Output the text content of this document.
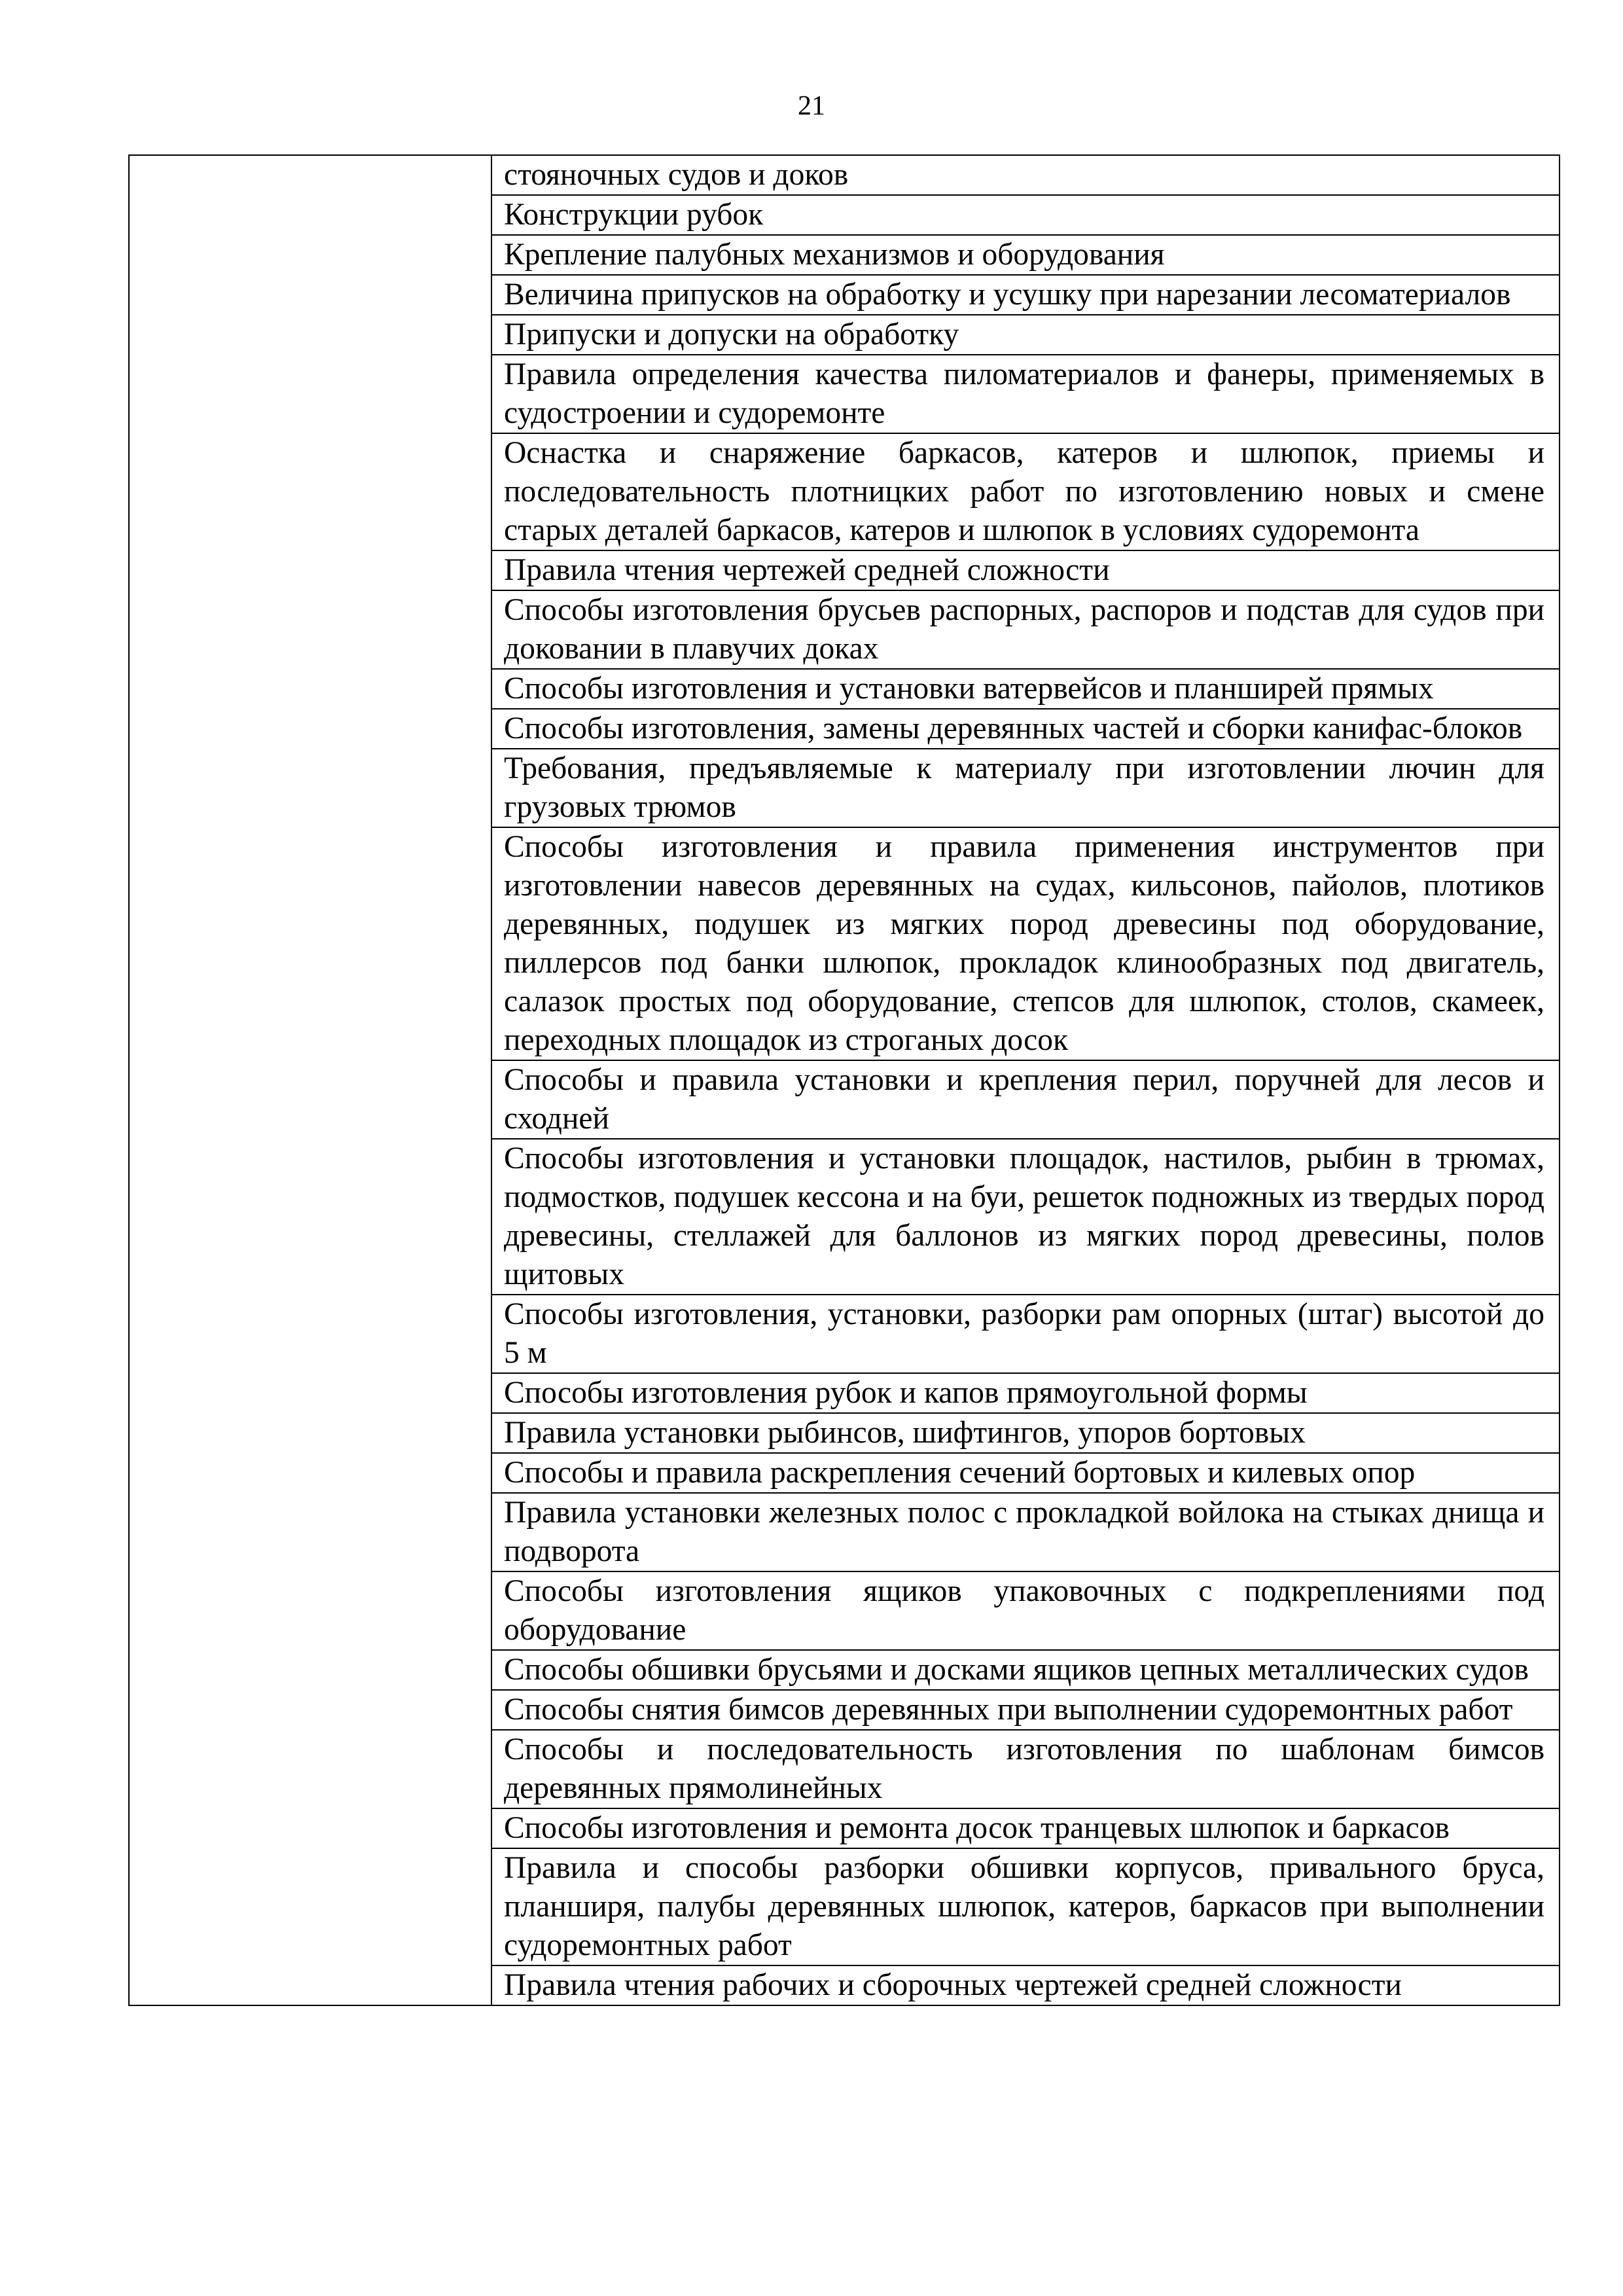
21

стояночных судов и доков

Конструкции рубок

Крепление палубных механизмов и оборудования

Величина припусков на обработку и усушку при нарезании лесоматериалов

Припуски и допуски на обработку

Правила определения качества пиломатериалов и фанеры, применяемых в судостроении и судоремонте

Оснастка и снаряжение баркасов, катеров и шлюпок, приемы и последовательность плотницких работ по изготовлению новых и смене старых деталей баркасов, катеров и шлюпок в условиях судоремонта

Правила чтения чертежей средней сложности

Способы изготовления брусьев распорных, распоров и подстав для судов при доковании в плавучих доках

Способы изготовления и установки ватервейсов и планширей прямых

Способы изготовления, замены деревянных частей и сборки канифас-блоков

Требования, предъявляемые к материалу при изготовлении лючин для грузовых трюмов

Способы изготовления и правила применения инструментов при изготовлении навесов деревянных на судах, кильсонов, пайолов, плотиков деревянных, подушек из мягких пород древесины под оборудование, пиллерсов под банки шлюпок, прокладок клинообразных под двигатель, салазок простых под оборудование, степсов для шлюпок, столов, скамеек, переходных площадок из строганых досок

Способы и правила установки и крепления перил, поручней для лесов и сходней

Способы изготовления и установки площадок, настилов, рыбин в трюмах, подмостков, подушек кессона и на буи, решеток подножных из твердых пород древесины, стеллажей для баллонов из мягких пород древесины, полов щитовых

Способы изготовления, установки, разборки рам опорных (штаг) высотой до 5 м

Способы изготовления рубок и капов прямоугольной формы

Правила установки рыбинсов, шифтингов, упоров бортовых

Способы и правила раскрепления сечений бортовых и килевых опор

Правила установки железных полос с прокладкой войлока на стыках днища и подворота

Способы изготовления ящиков упаковочных с подкреплениями под оборудование

Способы обшивки брусьями и досками ящиков цепных металлических судов

Способы снятия бимсов деревянных при выполнении судоремонтных работ

Способы и последовательность изготовления по шаблонам бимсов деревянных прямолинейных

Способы изготовления и ремонта досок транцевых шлюпок и баркасов

Правила и способы разборки обшивки корпусов, привального бруса, планширя, палубы деревянных шлюпок, катеров, баркасов при выполнении судоремонтных работ

Правила чтения рабочих и сборочных чертежей средней сложности
